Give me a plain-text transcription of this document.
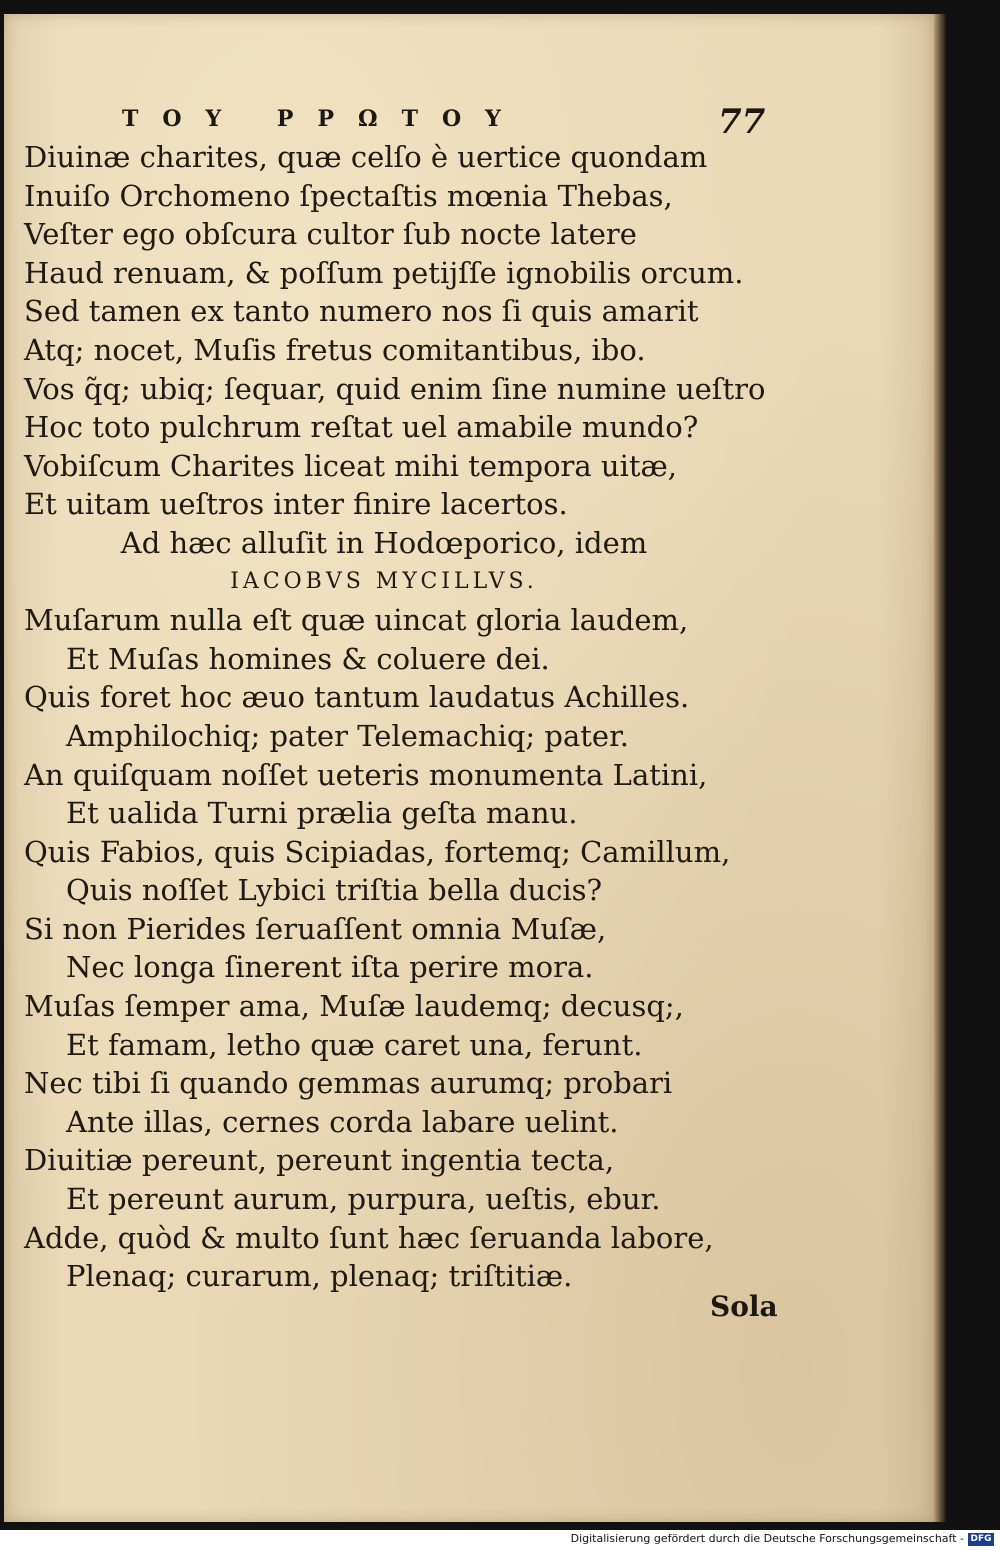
ΤΟΥ ΡΡΩΤΟΥ	77
Diuinæ charites, quæ celſo è uertice quondam
Inuiſo Orchomeno ſpectaſtis mœnia Thebas,
Veſter ego obſcura cultor ſub nocte latere
Haud renuam, & poſſum petijſſe ignobilis orcum.
Sed tamen ex tanto numero nos ſi quis amarit
Atq; nocet, Muſis fretus comitantibus, ibo.
Vos q̃q; ubiq; ſequar, quid enim ſine numine ueſtro
Hoc toto pulchrum reſtat uel amabile mundo?
Vobiſcum Charites liceat mihi tempora uitæ,
Et uitam ueſtros inter finire lacertos.
Ad hæc alluſit in Hodœporico, idem
IACOBVS MYCILLVS.
Muſarum nulla eſt quæ uincat gloria laudem,
Et Muſas homines & coluere dei.
Quis foret hoc æuo tantum laudatus Achilles.
Amphilochiq; pater Telemachiq; pater.
An quiſquam noſſet ueteris monumenta Latini,
Et ualida Turni prælia geſta manu.
Quis Fabios, quis Scipiadas, fortemq; Camillum,
Quis noſſet Lybici triſtia bella ducis?
Si non Pierides ſeruaſſent omnia Muſæ,
Nec longa ſinerent iſta perire mora.
Muſas ſemper ama, Muſæ laudemq; decusq;,
Et famam, letho quæ caret una, ferunt.
Nec tibi ſi quando gemmas aurumq; probari
Ante illas, cernes corda labare uelint.
Diuitiæ pereunt, pereunt ingentia tecta,
Et pereunt aurum, purpura, ueſtis, ebur.
Adde, quòd & multo ſunt hæc ſeruanda labore,
Plenaq; curarum, plenaq; triſtitiæ.
Sola
Digitalisierung gefördert durch die Deutsche Forschungsgemeinschaft - DFG
